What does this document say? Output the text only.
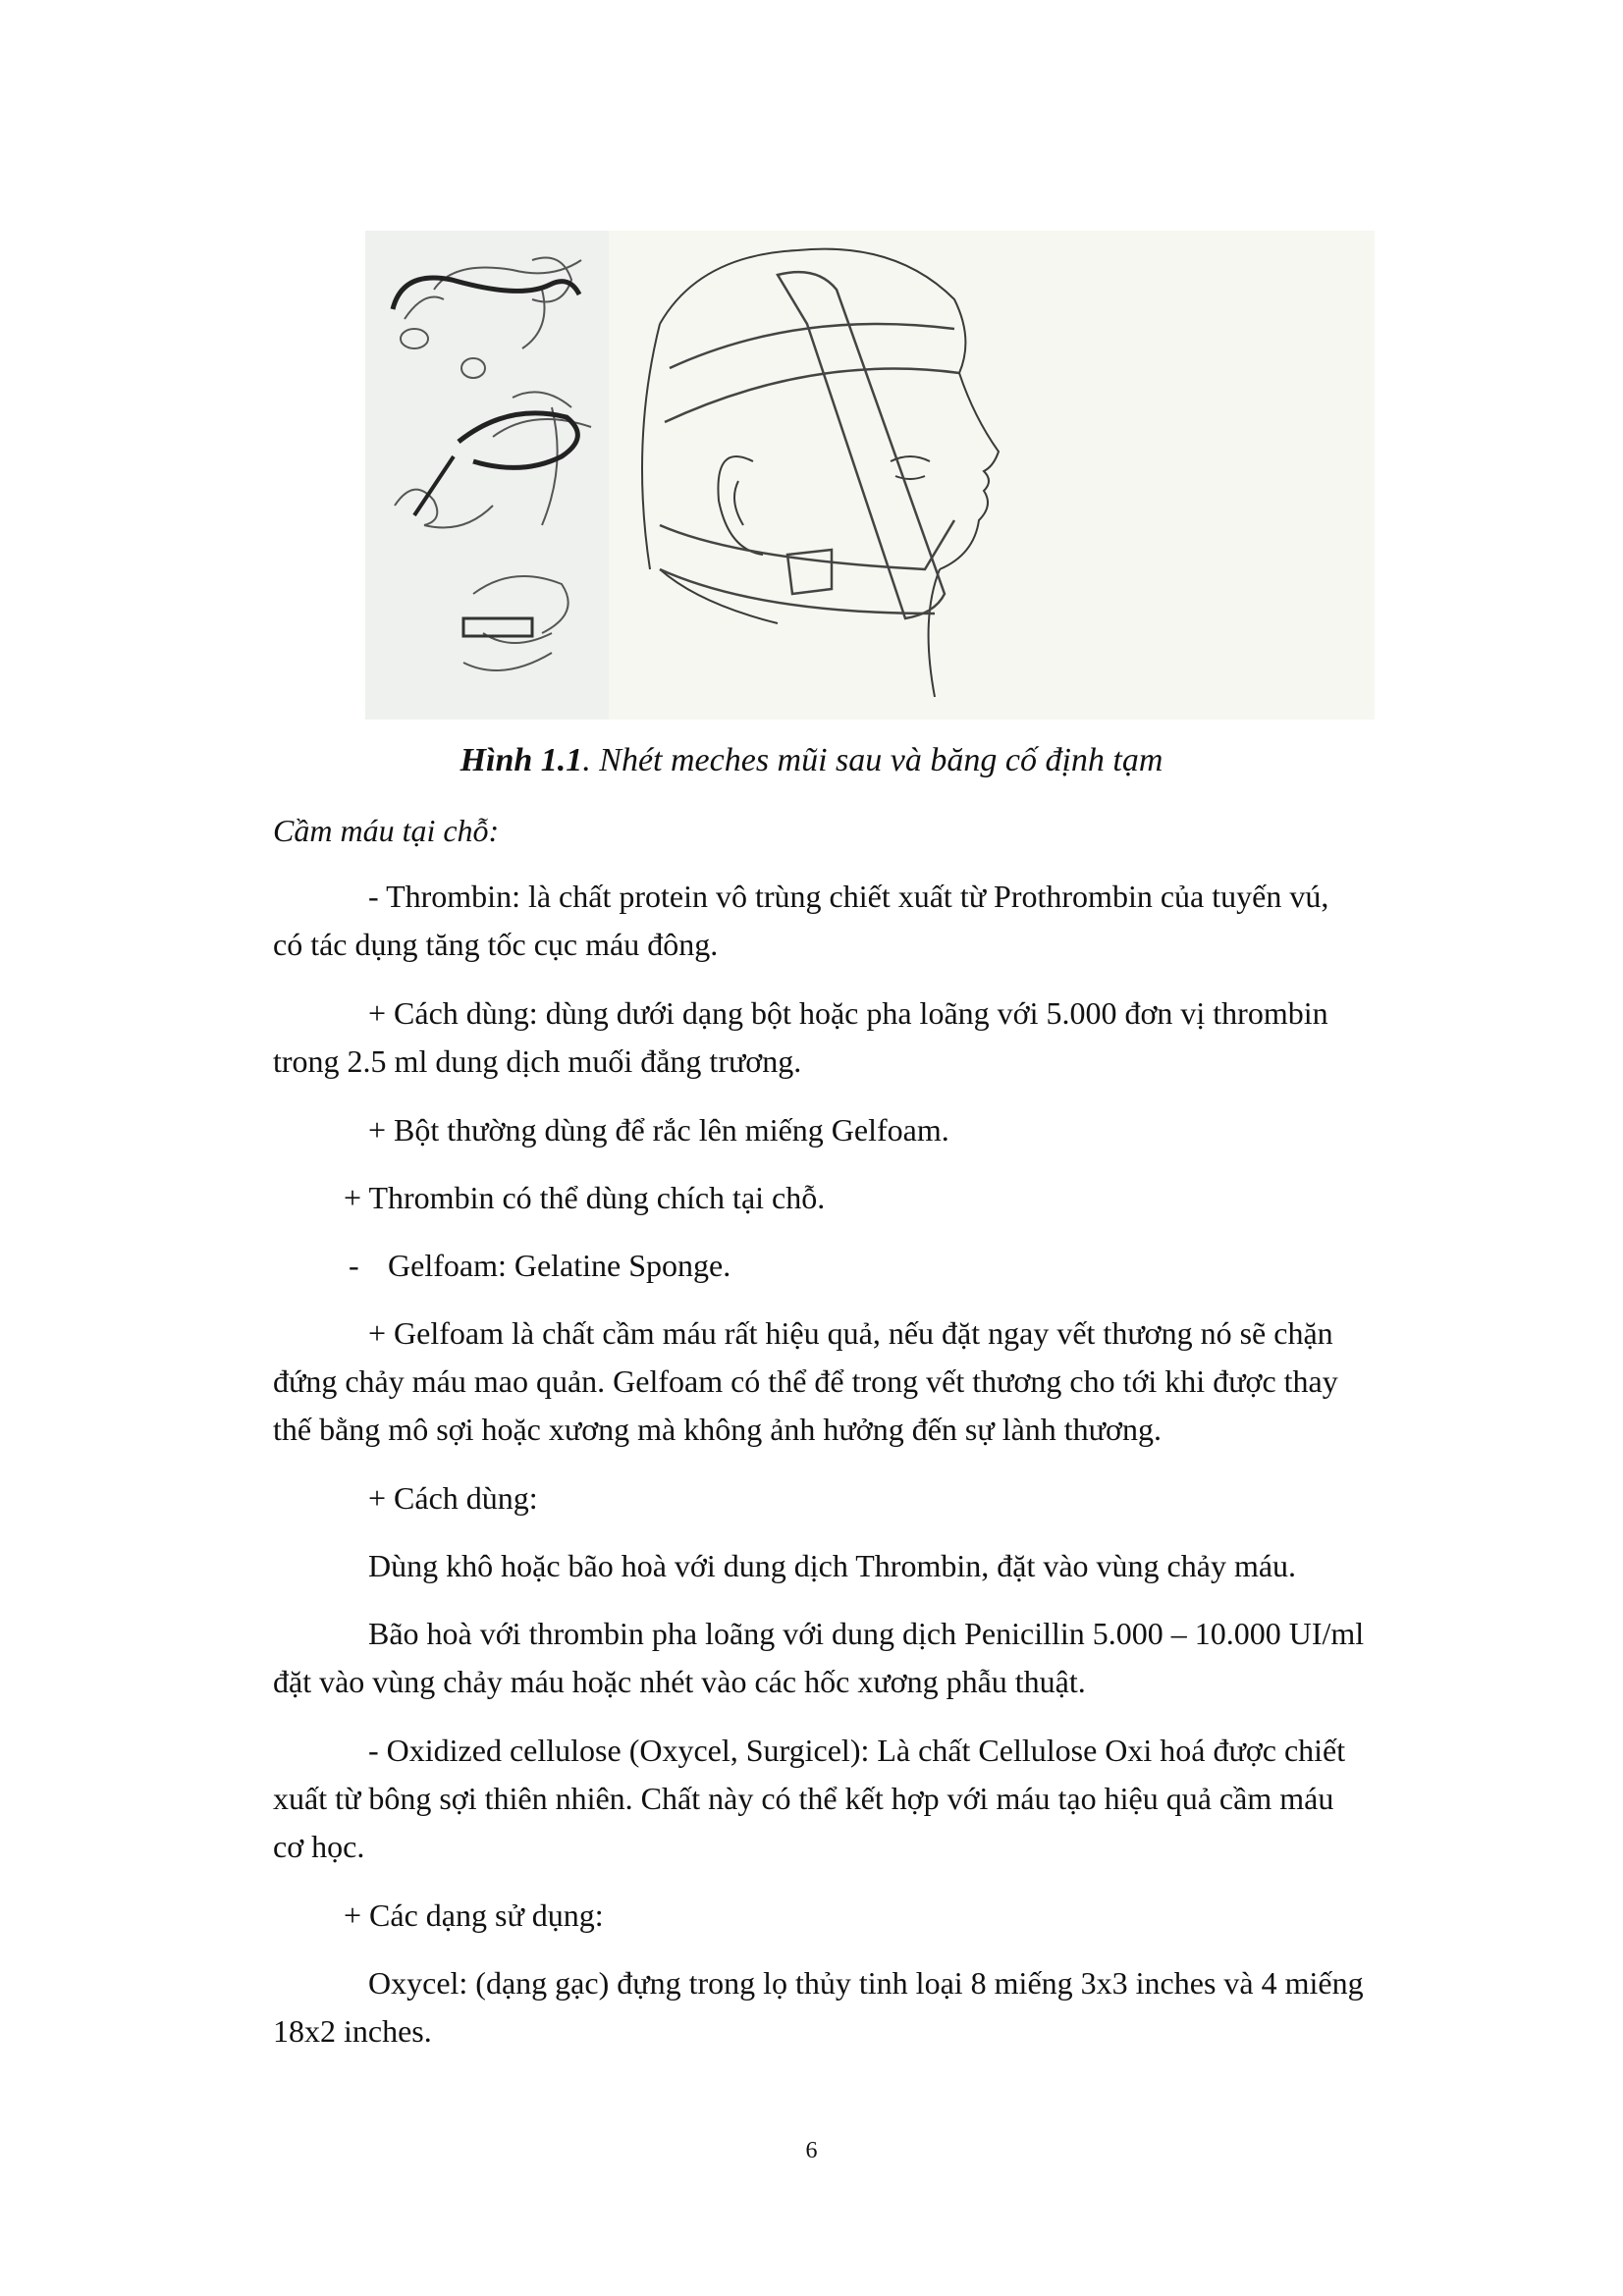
Hình 1.1. Nhét meches mũi sau và băng cố định tạm
Cầm máu tại chỗ:
- Thrombin: là chất protein vô trùng chiết xuất từ Prothrombin của tuyến vú,
có tác dụng tăng tốc cục máu đông.
+ Cách dùng: dùng dưới dạng bột hoặc pha loãng với 5.000 đơn vị thrombin
trong 2.5 ml dung dịch muối đẳng trương.
+ Bột thường dùng để rắc lên miếng Gelfoam.
+ Thrombin có thể dùng chích tại chỗ.
- Gelfoam: Gelatine Sponge.
+ Gelfoam là chất cầm máu rất hiệu quả, nếu đặt ngay vết thương nó sẽ chặn
đứng chảy máu mao quản. Gelfoam có thể để trong vết thương cho tới khi được thay
thế bằng mô sợi hoặc xương mà không ảnh hưởng đến sự lành thương.
+ Cách dùng:
Dùng khô hoặc bão hoà với dung dịch Thrombin, đặt vào vùng chảy máu.
Bão hoà với thrombin pha loãng với dung dịch Penicillin 5.000 – 10.000 UI/ml
đặt vào vùng chảy máu hoặc nhét vào các hốc xương phẫu thuật.
- Oxidized cellulose (Oxycel, Surgicel): Là chất Cellulose Oxi hoá được chiết
xuất từ bông sợi thiên nhiên. Chất này có thể kết hợp với máu tạo hiệu quả cầm máu
cơ học.
+ Các dạng sử dụng:
Oxycel: (dạng gạc) đựng trong lọ thủy tinh loại 8 miếng 3x3 inches và 4 miếng
18x2 inches.
6
